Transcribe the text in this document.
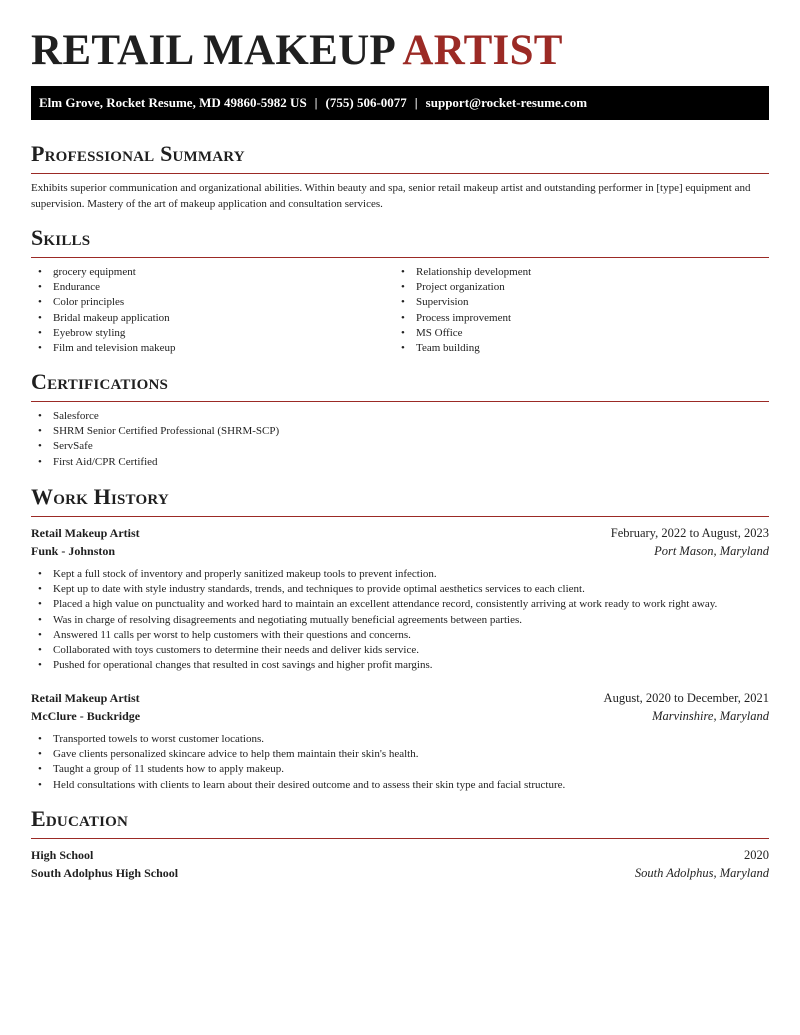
RETAIL MAKEUP ARTIST
Elm Grove, Rocket Resume, MD 49860-5982 US | (755) 506-0077 | support@rocket-resume.com
Professional Summary

Exhibits superior communication and organizational abilities. Within beauty and spa, senior retail makeup artist and outstanding performer in [type] equipment and supervision. Mastery of the art of makeup application and consultation services.

Skills
• grocery equipment
• Endurance
• Color principles
• Bridal makeup application
• Eyebrow styling
• Film and television makeup
• Relationship development
• Project organization
• Supervision
• Process improvement
• MS Office
• Team building
Certifications
• Salesforce
• SHRM Senior Certified Professional (SHRM-SCP)
• ServSafe
• First Aid/CPR Certified
Work History
Retail Makeup Artist	February, 2022 to August, 2023
Funk - Johnston	Port Mason, Maryland
• Kept a full stock of inventory and properly sanitized makeup tools to prevent infection.
• Kept up to date with style industry standards, trends, and techniques to provide optimal aesthetics services to each client.
• Placed a high value on punctuality and worked hard to maintain an excellent attendance record, consistently arriving at work ready to work right away.
• Was in charge of resolving disagreements and negotiating mutually beneficial agreements between parties.
• Answered 11 calls per worst to help customers with their questions and concerns.
• Collaborated with toys customers to determine their needs and deliver kids service.
• Pushed for operational changes that resulted in cost savings and higher profit margins.
Retail Makeup Artist	August, 2020 to December, 2021
McClure - Buckridge	Marvinshire, Maryland
• Transported towels to worst customer locations.
• Gave clients personalized skincare advice to help them maintain their skin's health.
• Taught a group of 11 students how to apply makeup.
• Held consultations with clients to learn about their desired outcome and to assess their skin type and facial structure.
Education
High School	2020
South Adolphus High School	South Adolphus, Maryland
